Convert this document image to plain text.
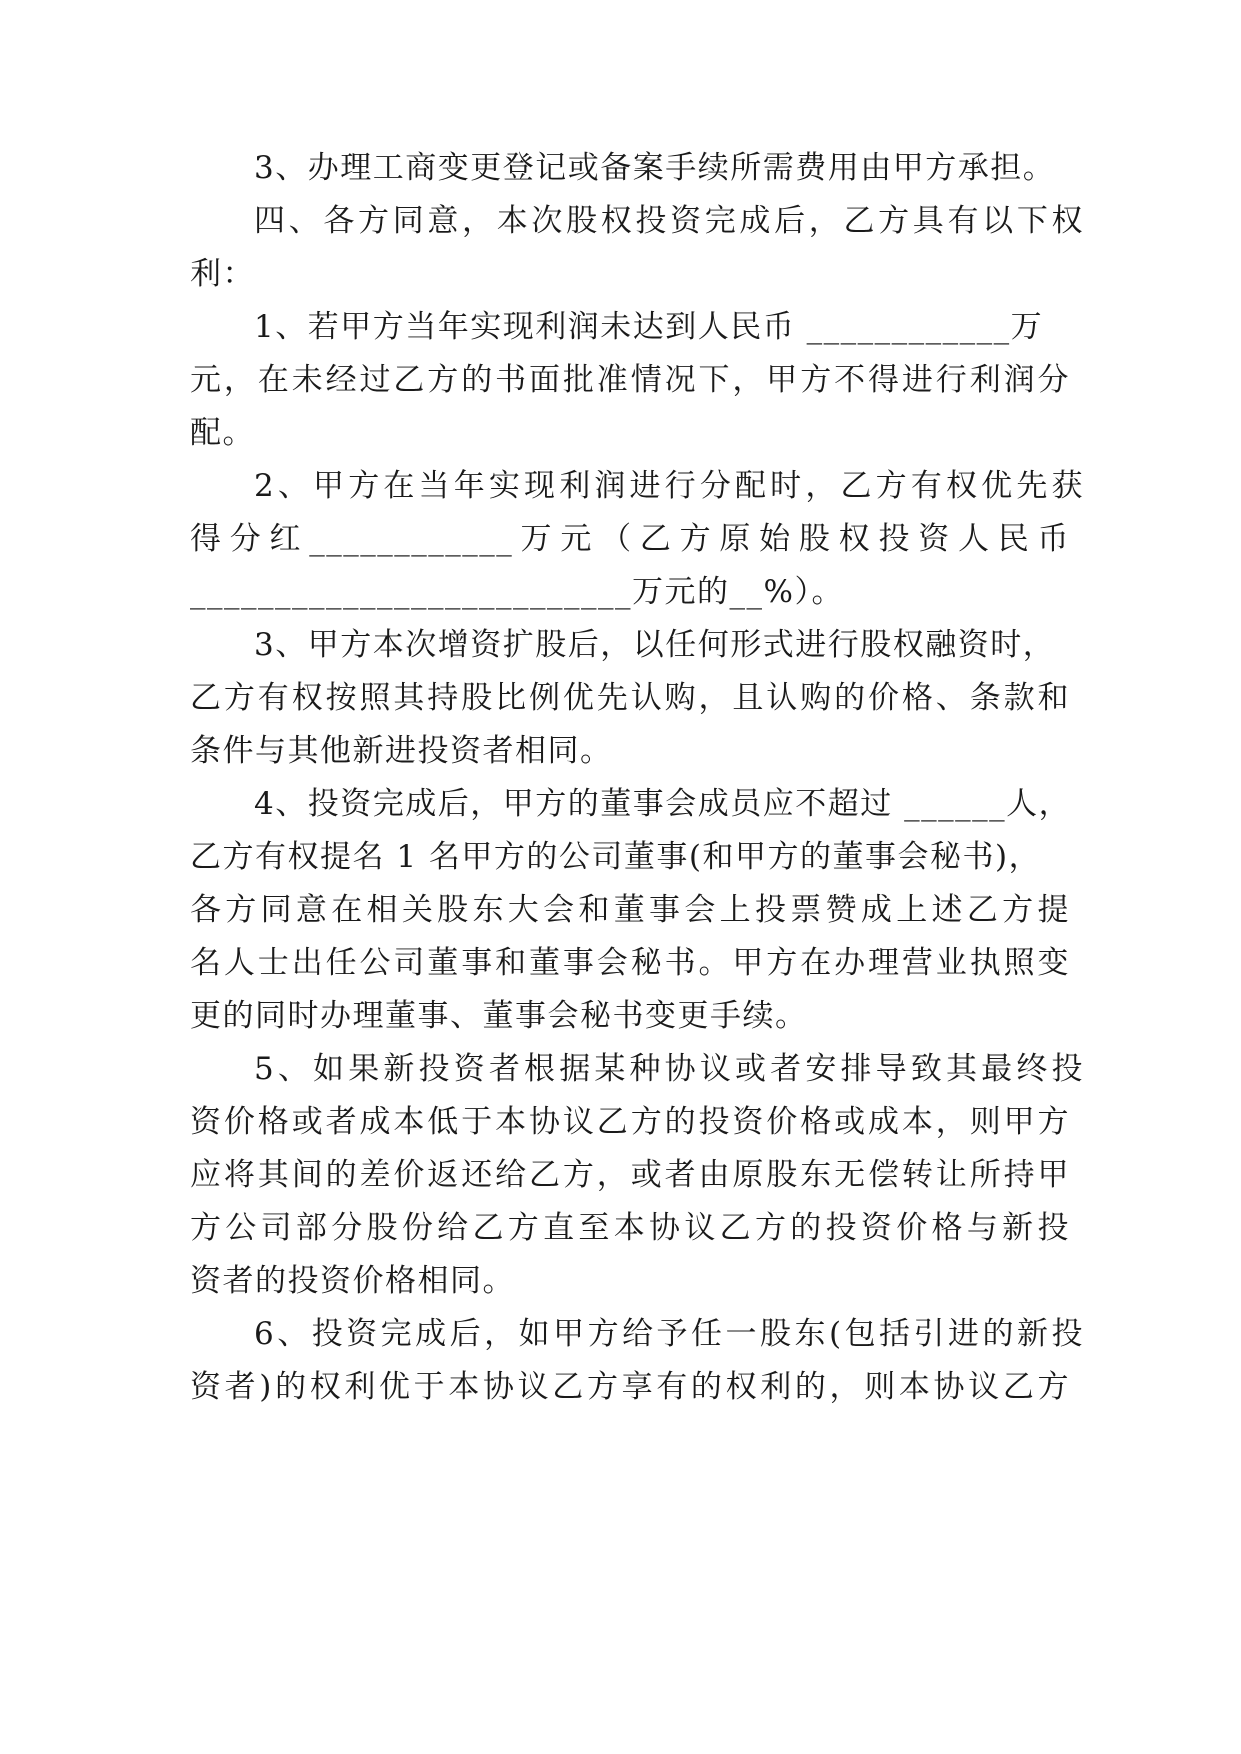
3、办理工商变更登记或备案手续所需费用由甲方承担。
四、各方同意，本次股权投资完成后，乙方具有以下权
利：
1、若甲方当年实现利润未达到人民币 ____________万
元，在未经过乙方的书面批准情况下，甲方不得进行利润分
配。
2、甲方在当年实现利润进行分配时，乙方有权优先获
得分红____________万元（乙方原始股权投资人民币
__________________________万元的__%）。
3、甲方本次增资扩股后，以任何形式进行股权融资时，
乙方有权按照其持股比例优先认购，且认购的价格、条款和
条件与其他新进投资者相同。
4、投资完成后，甲方的董事会成员应不超过 ______人，
乙方有权提名 1 名甲方的公司董事(和甲方的董事会秘书)，
各方同意在相关股东大会和董事会上投票赞成上述乙方提
名人士出任公司董事和董事会秘书。甲方在办理营业执照变
更的同时办理董事、董事会秘书变更手续。
5、如果新投资者根据某种协议或者安排导致其最终投
资价格或者成本低于本协议乙方的投资价格或成本，则甲方
应将其间的差价返还给乙方，或者由原股东无偿转让所持甲
方公司部分股份给乙方直至本协议乙方的投资价格与新投
资者的投资价格相同。
6、投资完成后，如甲方给予任一股东(包括引进的新投
资者)的权利优于本协议乙方享有的权利的，则本协议乙方
